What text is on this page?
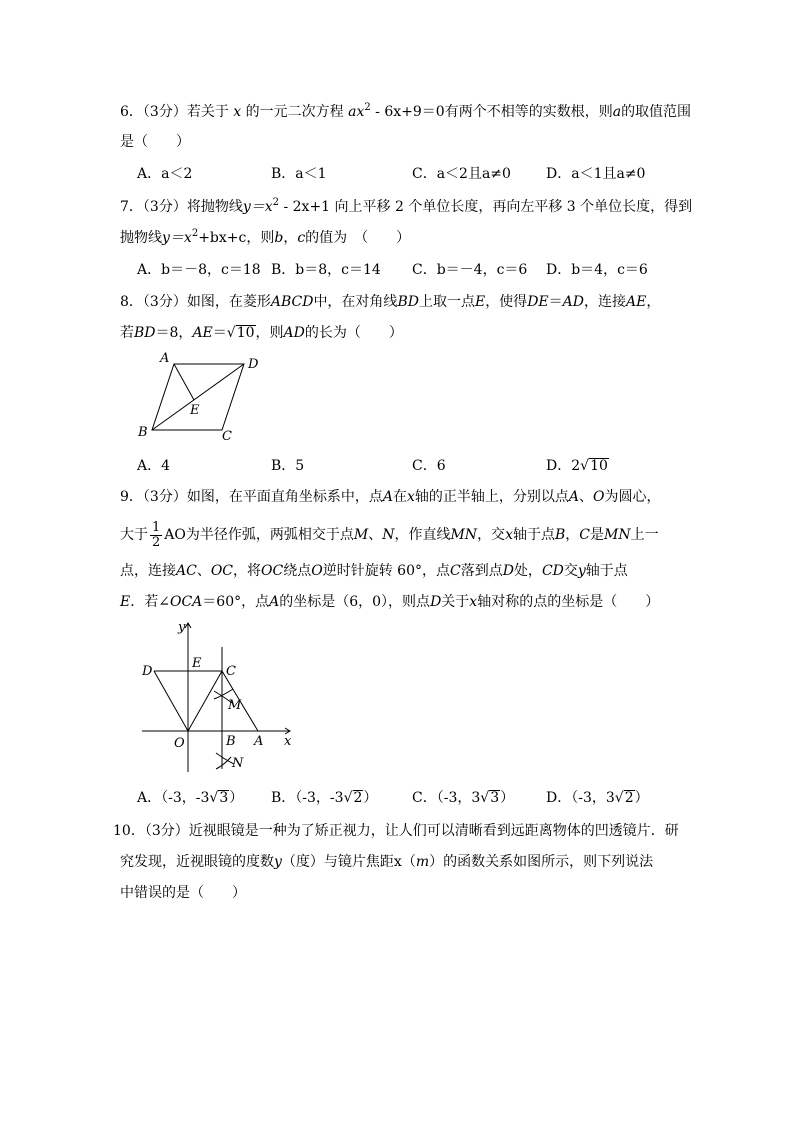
6．（3分）若关于 x 的一元二次方程 $ax^2 - 6x+9=0$有两个不相等的实数根，则a的取值范围
是（　　）
A．a＜2	B．a＜1	C．a＜2且a≠0	D．a＜1且a≠0
7．（3分）将抛物线$y=x^2 - 2x+1$ 向上平移 2 个单位长度，再向左平移 3 个单位长度，得到
抛物线$y=x^2+bx+c$，则b，c的值为　（　　）
A．b＝－8，c＝18 B．b＝8，c＝14 C．b＝－4，c＝6 D．b＝4，c＝6
8．（3分）如图，在菱形ABCD中，在对角线BD上取一点E，使得DE＝AD，连接AE，
若BD＝8，AE＝√10，则AD的长为（　　）
A	D
E
B	C
A．4	B．5	C．6	D．2√10
9．（3分）如图，在平面直角坐标系中，点A在x轴的正半轴上，分别以点A、O为圆心，
大于 $\frac{1}{2}$ AO为半径作弧，两弧相交于点M、N，作直线MN，交x轴于点B，C是MN上一
点，连接AC、OC，将OC绕点O逆时针旋转 60°，点C落到点D处，CD交y轴于点
E．若∠OCA＝60°，点A的坐标是（6，0），则点D关于x轴对称的点的坐标是（　　）
y
x
D
E
C
M
O	B A
N
A．（-3，-3√3） B．（-3，-3√2） C．（-3，3√3） D．（-3，3√2）
10．（3分）近视眼镜是一种为了矫正视力，让人们可以清晰看到远距离物体的凹透镜片．研
究发现，近视眼镜的度数y（度）与镜片焦距x（m）的函数关系如图所示，则下列说法
中错误的是（　　）
